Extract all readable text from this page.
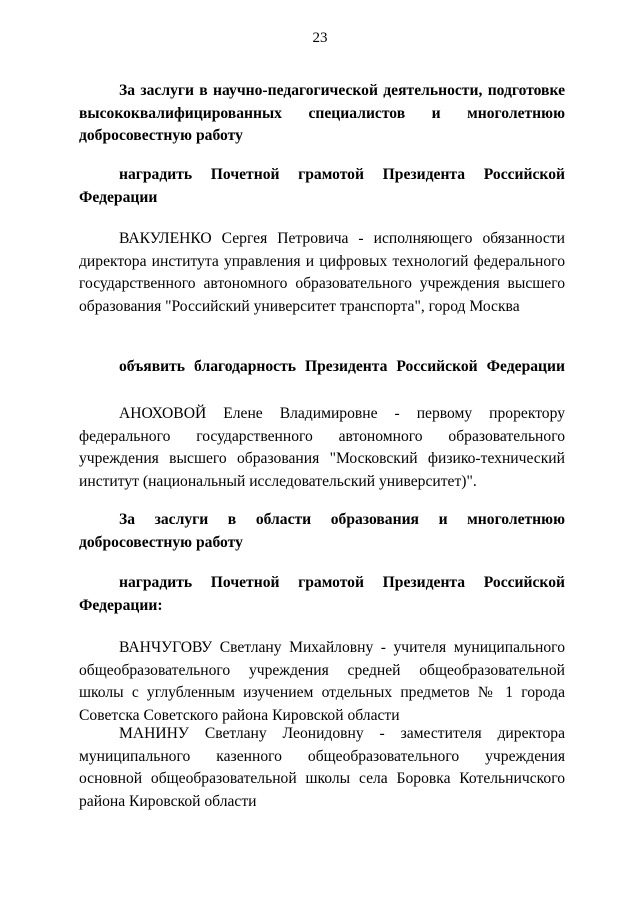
23
За заслуги в научно-педагогической деятельности, подготовке высококвалифицированных специалистов и многолетнюю добросовестную работу
наградить Почетной грамотой Президента Российской Федерации
ВАКУЛЕНКО Сергея Петровича - исполняющего обязанности директора института управления и цифровых технологий федерального государственного автономного образовательного учреждения высшего образования "Российский университет транспорта", город Москва
объявить благодарность Президента Российской Федерации
АНОХОВОЙ Елене Владимировне - первому проректору федерального государственного автономного образовательного учреждения высшего образования "Московский физико-технический институт (национальный исследовательский университет)".
За заслуги в области образования и многолетнюю добросовестную работу
наградить Почетной грамотой Президента Российской Федерации:
ВАНЧУГОВУ Светлану Михайловну - учителя муниципального общеобразовательного учреждения средней общеобразовательной школы с углубленным изучением отдельных предметов № 1 города Советска Советского района Кировской области
МАНИНУ Светлану Леонидовну - заместителя директора муниципального казенного общеобразовательного учреждения основной общеобразовательной школы села Боровка Котельничского района Кировской области
